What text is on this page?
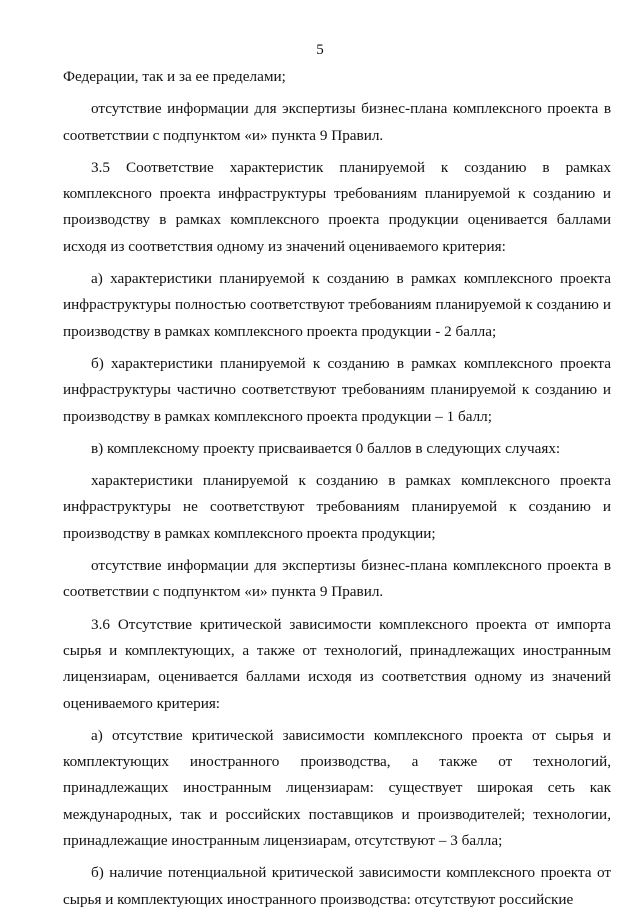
5

Федерации, так и за ее пределами;

отсутствие информации для экспертизы бизнес-плана комплексного проекта в соответствии с подпунктом «и» пункта 9 Правил.

3.5 Соответствие характеристик планируемой к созданию в рамках комплексного проекта инфраструктуры требованиям планируемой к созданию и производству в рамках комплексного проекта продукции оценивается баллами исходя из соответствия одному из значений оцениваемого критерия:

а) характеристики планируемой к созданию в рамках комплексного проекта инфраструктуры полностью соответствуют требованиям планируемой к созданию и производству в рамках комплексного проекта продукции - 2 балла;

б) характеристики планируемой к созданию в рамках комплексного проекта инфраструктуры частично соответствуют требованиям планируемой к созданию и производству в рамках комплексного проекта продукции – 1 балл;

в) комплексному проекту присваивается 0 баллов в следующих случаях:

характеристики планируемой к созданию в рамках комплексного проекта инфраструктуры не соответствуют требованиям планируемой к созданию и производству в рамках комплексного проекта продукции;

отсутствие информации для экспертизы бизнес-плана комплексного проекта в соответствии с подпунктом «и» пункта 9 Правил.

3.6 Отсутствие критической зависимости комплексного проекта от импорта сырья и комплектующих, а также от технологий, принадлежащих иностранным лицензиарам, оценивается баллами исходя из соответствия одному из значений оцениваемого критерия:

а) отсутствие критической зависимости комплексного проекта от сырья и комплектующих иностранного производства, а также от технологий, принадлежащих иностранным лицензиарам: существует широкая сеть как международных, так и российских поставщиков и производителей; технологии, принадлежащие иностранным лицензиарам, отсутствуют – 3 балла;

б) наличие потенциальной критической зависимости комплексного проекта от сырья и комплектующих иностранного производства: отсутствуют российские
